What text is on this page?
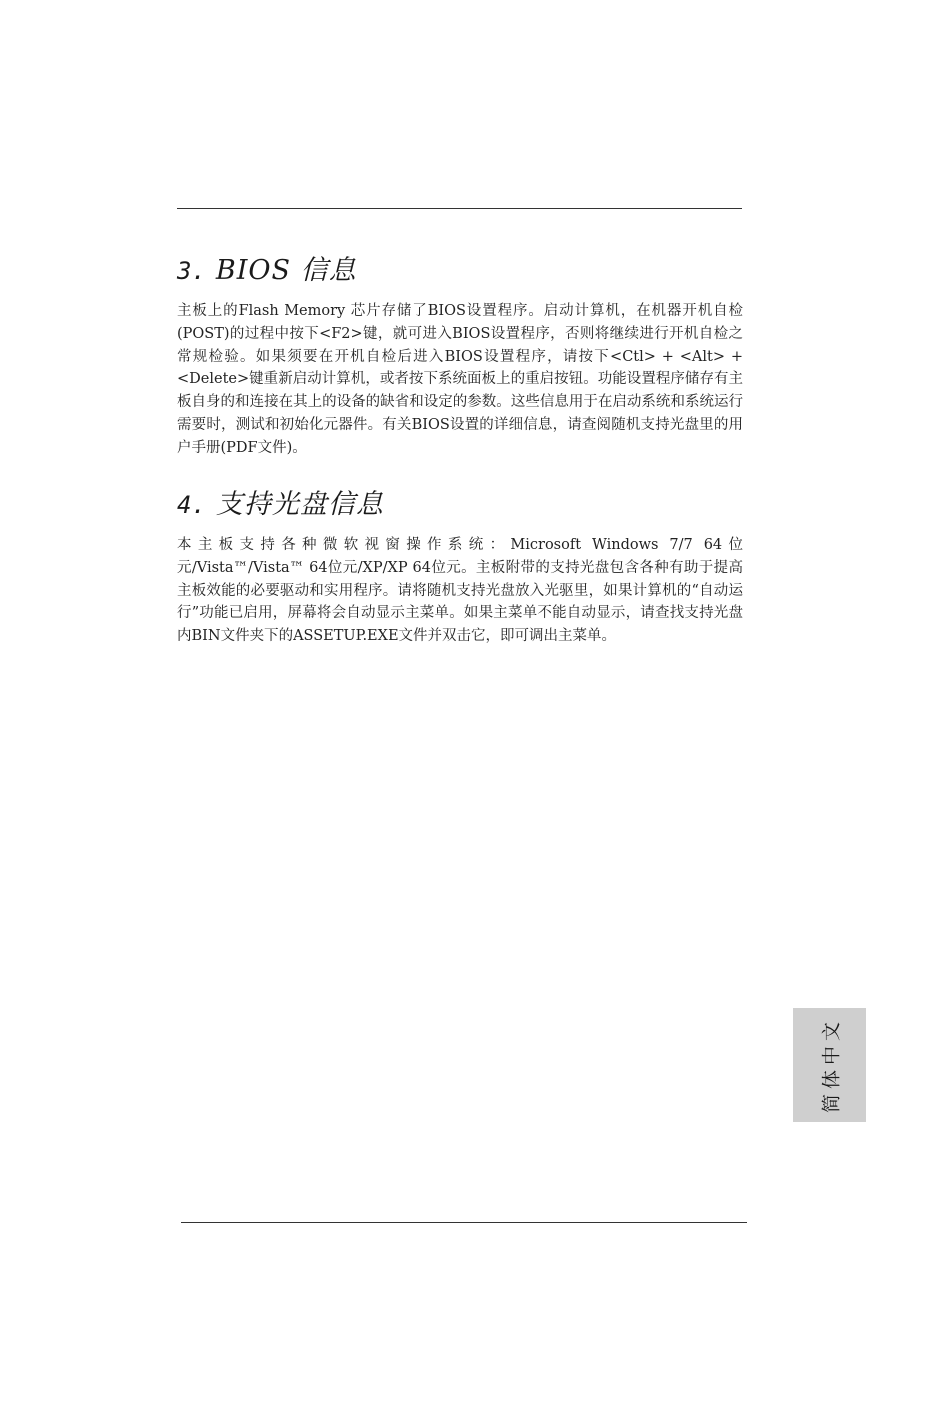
3. BIOS 信息

主板上的Flash Memory 芯片存储了BIOS设置程序。启动计算机，在机器开机自检(POST)的过程中按下<F2>键，就可进入BIOS设置程序，否则将继续进行开机自检之常规检验。如果须要在开机自检后进入BIOS设置程序，请按下<Ctl> + <Alt> + <Delete>键重新启动计算机，或者按下系统面板上的重启按钮。功能设置程序储存有主板自身的和连接在其上的设备的缺省和设定的参数。这些信息用于在启动系统和系统运行需要时，测试和初始化元器件。有关BIOS设置的详细信息，请查阅随机支持光盘里的用户手册(PDF文件)。

4. 支持光盘信息

本主板支持各种微软视窗操作系统：Microsoft Windows 7/7 64位元/Vista™/Vista™ 64位元/XP/XP 64位元。主板附带的支持光盘包含各种有助于提高主板效能的必要驱动和实用程序。请将随机支持光盘放入光驱里，如果计算机的“自动运行”功能已启用，屏幕将会自动显示主菜单。如果主菜单不能自动显示，请查找支持光盘内BIN文件夹下的ASSETUP.EXE文件并双击它，即可调出主菜单。

简体中文
